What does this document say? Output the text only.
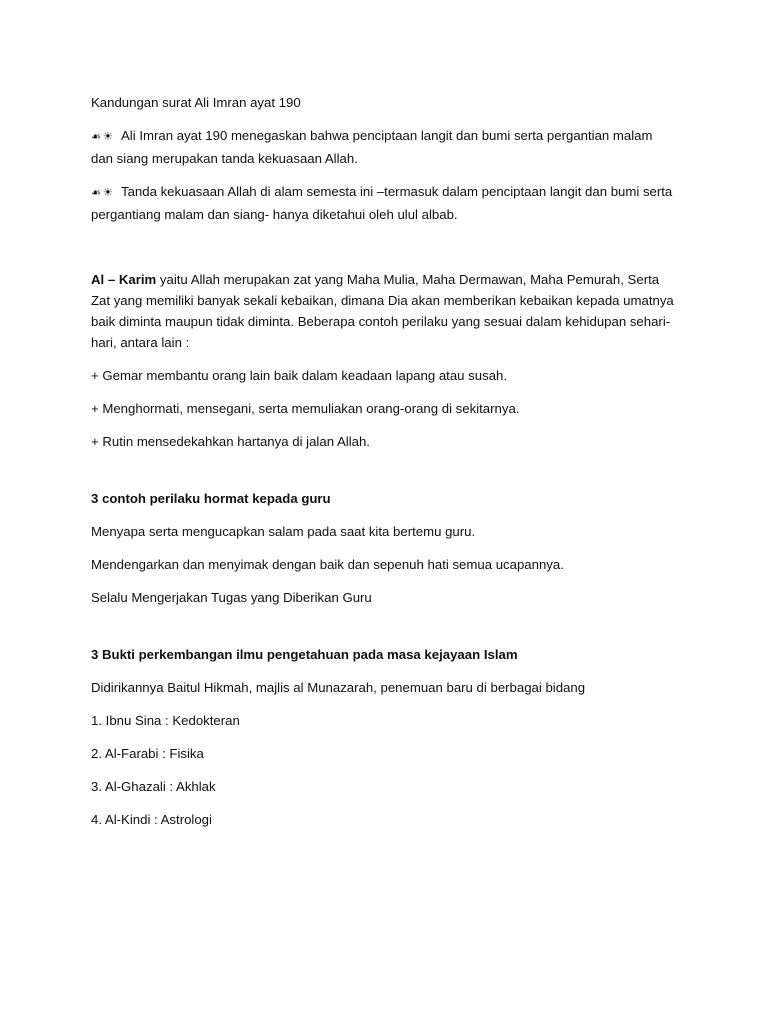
Kandungan surat Ali Imran ayat 190

☙☀ Ali Imran ayat 190 menegaskan bahwa penciptaan langit dan bumi serta pergantian malam dan siang merupakan tanda kekuasaan Allah.

☙☀ Tanda kekuasaan Allah di alam semesta ini –termasuk dalam penciptaan langit dan bumi serta pergantiang malam dan siang- hanya diketahui oleh ulul albab.

Al – Karim yaitu Allah merupakan zat yang Maha Mulia, Maha Dermawan, Maha Pemurah, Serta Zat yang memiliki banyak sekali kebaikan, dimana Dia akan memberikan kebaikan kepada umatnya baik diminta maupun tidak diminta. Beberapa contoh perilaku yang sesuai dalam kehidupan sehari-hari, antara lain :

+ Gemar membantu orang lain baik dalam keadaan lapang atau susah.

+ Menghormati, mensegani, serta memuliakan orang-orang di sekitarnya.

+ Rutin mensedekahkan hartanya di jalan Allah.

3 contoh perilaku hormat kepada guru

Menyapa serta mengucapkan salam pada saat kita bertemu guru.

Mendengarkan dan menyimak dengan baik dan sepenuh hati semua ucapannya.

Selalu Mengerjakan Tugas yang Diberikan Guru

3 Bukti perkembangan ilmu pengetahuan pada masa kejayaan Islam

Didirikannya Baitul Hikmah, majlis al Munazarah, penemuan baru di berbagai bidang

1. Ibnu Sina : Kedokteran

2. Al-Farabi : Fisika

3. Al-Ghazali : Akhlak

4. Al-Kindi : Astrologi
